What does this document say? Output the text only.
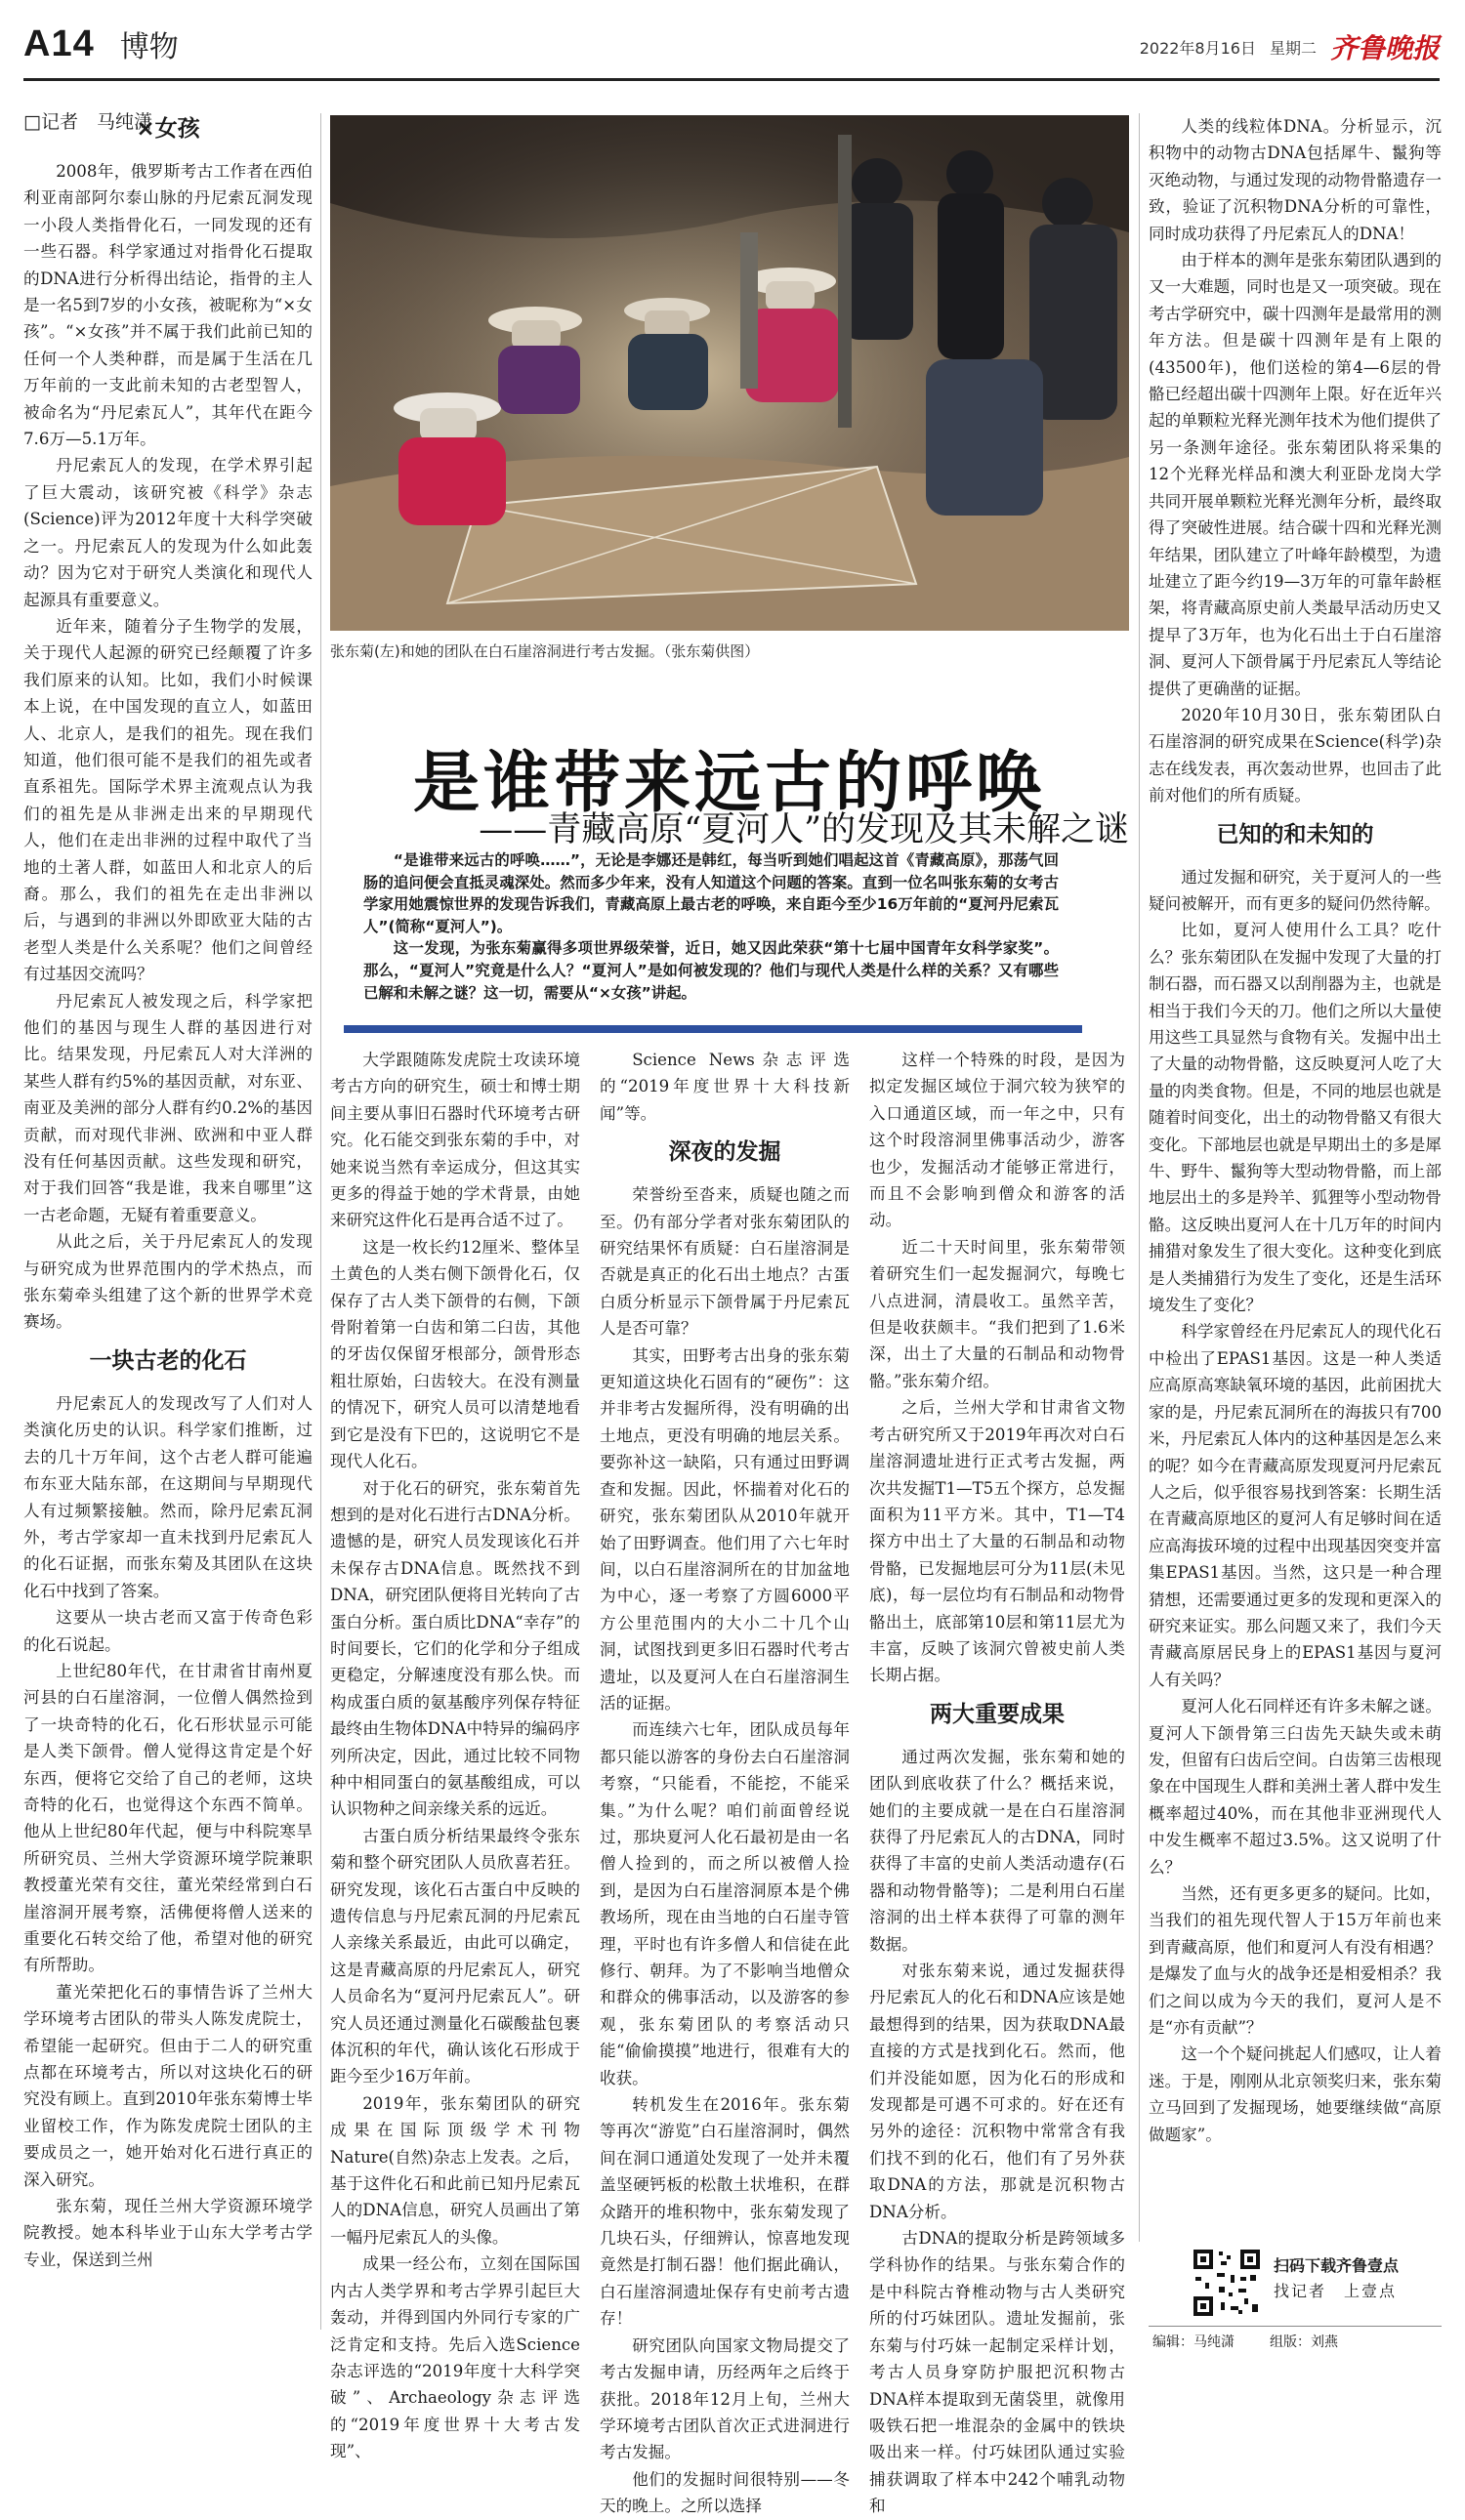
A14 博物	2022年8月16日 星期二 齐鲁晚报
□记者　马纯潇
×女孩

2008年，俄罗斯考古工作者在西伯利亚南部阿尔泰山脉的丹尼索瓦洞发现一小段人类指骨化石，一同发现的还有一些石器。科学家通过对指骨化石提取的DNA进行分析得出结论，指骨的主人是一名5到7岁的小女孩，被昵称为“×女孩”。“×女孩”并不属于我们此前已知的任何一个人类种群，而是属于生活在几万年前的一支此前未知的古老型智人，被命名为“丹尼索瓦人”，其年代在距今7.6万—5.1万年。

丹尼索瓦人的发现，在学术界引起了巨大震动，该研究被《科学》杂志(Science)评为2012年度十大科学突破之一。丹尼索瓦人的发现为什么如此轰动？因为它对于研究人类演化和现代人起源具有重要意义。

近年来，随着分子生物学的发展，关于现代人起源的研究已经颠覆了许多我们原来的认知。比如，我们小时候课本上说，在中国发现的直立人，如蓝田人、北京人，是我们的祖先。现在我们知道，他们很可能不是我们的祖先或者直系祖先。国际学术界主流观点认为我们的祖先是从非洲走出来的早期现代人，他们在走出非洲的过程中取代了当地的土著人群，如蓝田人和北京人的后裔。那么，我们的祖先在走出非洲以后，与遇到的非洲以外即欧亚大陆的古老型人类是什么关系呢？他们之间曾经有过基因交流吗？

丹尼索瓦人被发现之后，科学家把他们的基因与现生人群的基因进行对比。结果发现，丹尼索瓦人对大洋洲的某些人群有约5%的基因贡献，对东亚、南亚及美洲的部分人群有约0.2%的基因贡献，而对现代非洲、欧洲和中亚人群没有任何基因贡献。这些发现和研究，对于我们回答“我是谁，我来自哪里”这一古老命题，无疑有着重要意义。

从此之后，关于丹尼索瓦人的发现与研究成为世界范围内的学术热点，而张东菊牵头组建了这个新的世界学术竞赛场。

一块古老的化石

丹尼索瓦人的发现改写了人们对人类演化历史的认识。科学家们推断，过去的几十万年间，这个古老人群可能遍布东亚大陆东部，在这期间与早期现代人有过频繁接触。然而，除丹尼索瓦洞外，考古学家却一直未找到丹尼索瓦人的化石证据，而张东菊及其团队在这块化石中找到了答案。

这要从一块古老而又富于传奇色彩的化石说起。

上世纪80年代，在甘肃省甘南州夏河县的白石崖溶洞，一位僧人偶然捡到了一块奇特的化石，化石形状显示可能是人类下颌骨。僧人觉得这肯定是个好东西，便将它交给了自己的老师，这块奇特的化石，也觉得这个东西不简单。他从上世纪80年代起，便与中科院寒旱所研究员、兰州大学资源环境学院兼职教授董光荣有交往，董光荣经常到白石崖溶洞开展考察，活佛便将僧人送来的重要化石转交给了他，希望对他的研究有所帮助。

董光荣把化石的事情告诉了兰州大学环境考古团队的带头人陈发虎院士，希望能一起研究。但由于二人的研究重点都在环境考古，所以对这块化石的研究没有顾上。直到2010年张东菊博士毕业留校工作，作为陈发虎院士团队的主要成员之一，她开始对化石进行真正的深入研究。

张东菊，现任兰州大学资源环境学院教授。她本科毕业于山东大学考古学专业，保送到兰州

张东菊(左)和她的团队在白石崖溶洞进行考古发掘。（张东菊供图）
是谁带来远古的呼唤
——青藏高原“夏河人”的发现及其未解之谜

“是谁带来远古的呼唤……”，无论是李娜还是韩红，每当听到她们唱起这首《青藏高原》，那荡气回肠的追问便会直抵灵魂深处。然而多少年来，没有人知道这个问题的答案。直到一位名叫张东菊的女考古学家用她震惊世界的发现告诉我们，青藏高原上最古老的呼唤，来自距今至少16万年前的“夏河丹尼索瓦人”(简称“夏河人”)。

这一发现，为张东菊赢得多项世界级荣誉，近日，她又因此荣获“第十七届中国青年女科学家奖”。那么，“夏河人”究竟是什么人？“夏河人”是如何被发现的？他们与现代人类是什么样的关系？又有哪些已解和未解之谜？这一切，需要从“×女孩”讲起。

大学跟随陈发虎院士攻读环境考古方向的研究生，硕士和博士期间主要从事旧石器时代环境考古研究。化石能交到张东菊的手中，对她来说当然有幸运成分，但这其实更多的得益于她的学术背景，由她来研究这件化石是再合适不过了。

这是一枚长约12厘米、整体呈土黄色的人类右侧下颌骨化石，仅保存了古人类下颌骨的右侧，下颌骨附着第一白齿和第二臼齿，其他的牙齿仅保留牙根部分，颌骨形态粗壮原始，臼齿较大。在没有测量的情况下，研究人员可以清楚地看到它是没有下巴的，这说明它不是现代人化石。

对于化石的研究，张东菊首先想到的是对化石进行古DNA分析。遗憾的是，研究人员发现该化石并未保存古DNA信息。既然找不到DNA，研究团队便将目光转向了古蛋白分析。蛋白质比DNA“幸存”的时间要长，它们的化学和分子组成更稳定，分解速度没有那么快。而构成蛋白质的氨基酸序列保存特征最终由生物体DNA中特异的编码序列所决定，因此，通过比较不同物种中相同蛋白的氨基酸组成，可以认识物种之间亲缘关系的远近。

古蛋白质分析结果最终令张东菊和整个研究团队人员欣喜若狂。研究发现，该化石古蛋白中反映的遗传信息与丹尼索瓦洞的丹尼索瓦人亲缘关系最近，由此可以确定，这是青藏高原的丹尼索瓦人，研究人员命名为“夏河丹尼索瓦人”。研究人员还通过测量化石碳酸盐包裹体沉积的年代，确认该化石形成于距今至少16万年前。

2019年，张东菊团队的研究成果在国际顶级学术刊物Nature(自然)杂志上发表。之后，基于这件化石和此前已知丹尼索瓦人的DNA信息，研究人员画出了第一幅丹尼索瓦人的头像。

成果一经公布，立刻在国际国内古人类学界和考古学界引起巨大轰动，并得到国内外同行专家的广泛肯定和支持。先后入选Science杂志评选的“2019年度十大科学突破”、Archaeology杂志评选的“2019年度世界十大考古发现”、

Science News杂志评选的“2019年度世界十大科技新闻”等。

深夜的发掘

荣誉纷至沓来，质疑也随之而至。仍有部分学者对张东菊团队的研究结果怀有质疑：白石崖溶洞是否就是真正的化石出土地点？古蛋白质分析显示下颌骨属于丹尼索瓦人是否可靠？

其实，田野考古出身的张东菊更知道这块化石固有的“硬伤”：这并非考古发掘所得，没有明确的出土地点，更没有明确的地层关系。要弥补这一缺陷，只有通过田野调查和发掘。因此，怀揣着对化石的研究，张东菊团队从2010年就开始了田野调查。他们用了六七年时间，以白石崖溶洞所在的甘加盆地为中心，逐一考察了方圆6000平方公里范围内的大小二十几个山洞，试图找到更多旧石器时代考古遗址，以及夏河人在白石崖溶洞生活的证据。

而连续六七年，团队成员每年都只能以游客的身份去白石崖溶洞考察，“只能看，不能挖，不能采集。”为什么呢？咱们前面曾经说过，那块夏河人化石最初是由一名僧人捡到的，而之所以被僧人捡到，是因为白石崖溶洞原本是个佛教场所，现在由当地的白石崖寺管理，平时也有许多僧人和信徒在此修行、朝拜。为了不影响当地僧众和群众的佛事活动，以及游客的参观，张东菊团队的考察活动只能“偷偷摸摸”地进行，很难有大的收获。

转机发生在2016年。张东菊等再次“游览”白石崖溶洞时，偶然间在洞口通道处发现了一处并未覆盖坚硬钙板的松散土状堆积，在群众踏开的堆积物中，张东菊发现了几块石头，仔细辨认，惊喜地发现竟然是打制石器！他们据此确认，白石崖溶洞遗址保存有史前考古遗存！

研究团队向国家文物局提交了考古发掘申请，历经两年之后终于获批。2018年12月上旬，兰州大学环境考古团队首次正式进洞进行考古发掘。

他们的发掘时间很特别——冬天的晚上。之所以选择

这样一个特殊的时段，是因为拟定发掘区域位于洞穴较为狭窄的入口通道区域，而一年之中，只有这个时段溶洞里佛事活动少，游客也少，发掘活动才能够正常进行，而且不会影响到僧众和游客的活动。

近二十天时间里，张东菊带领着研究生们一起发掘洞穴，每晚七八点进洞，清晨收工。虽然辛苦，但是收获颇丰。“我们把到了1.6米深，出土了大量的石制品和动物骨骼。”张东菊介绍。

之后，兰州大学和甘肃省文物考古研究所又于2019年再次对白石崖溶洞遗址进行正式考古发掘，两次共发掘T1—T5五个探方，总发掘面积为11平方米。其中，T1—T4探方中出土了大量的石制品和动物骨骼，已发掘地层可分为11层(未见底)，每一层位均有石制品和动物骨骼出土，底部第10层和第11层尤为丰富，反映了该洞穴曾被史前人类长期占据。

两大重要成果

通过两次发掘，张东菊和她的团队到底收获了什么？概括来说，她们的主要成就一是在白石崖溶洞获得了丹尼索瓦人的古DNA，同时获得了丰富的史前人类活动遗存(石器和动物骨骼等)；二是利用白石崖溶洞的出土样本获得了可靠的测年数据。

对张东菊来说，通过发掘获得丹尼索瓦人的化石和DNA应该是她最想得到的结果，因为获取DNA最直接的方式是找到化石。然而，他们并没能如愿，因为化石的形成和发现都是可遇不可求的。好在还有另外的途径：沉积物中常常含有我们找不到的化石，他们有了另外获取DNA的方法，那就是沉积物古DNA分析。

古DNA的提取分析是跨领域多学科协作的结果。与张东菊合作的是中科院古脊椎动物与古人类研究所的付巧妹团队。遗址发掘前，张东菊与付巧妹一起制定采样计划，考古人员身穿防护服把沉积物古DNA样本提取到无菌袋里，就像用吸铁石把一堆混杂的金属中的铁块吸出来一样。付巧妹团队通过实验捕获调取了样本中242个哺乳动物和

人类的线粒体DNA。分析显示，沉积物中的动物古DNA包括犀牛、鬣狗等灭绝动物，与通过发现的动物骨骼遗存一致，验证了沉积物DNA分析的可靠性，同时成功获得了丹尼索瓦人的DNA！

由于样本的测年是张东菊团队遇到的又一大难题，同时也是又一项突破。现在考古学研究中，碳十四测年是最常用的测年方法。但是碳十四测年是有上限的(43500年)，他们送检的第4—6层的骨骼已经超出碳十四测年上限。好在近年兴起的单颗粒光释光测年技术为他们提供了另一条测年途径。张东菊团队将采集的12个光释光样品和澳大利亚卧龙岗大学共同开展单颗粒光释光测年分析，最终取得了突破性进展。结合碳十四和光释光测年结果，团队建立了叶峰年龄模型，为遗址建立了距今约19—3万年的可靠年龄框架，将青藏高原史前人类最早活动历史又提早了3万年，也为化石出土于白石崖溶洞、夏河人下颌骨属于丹尼索瓦人等结论提供了更确凿的证据。

2020年10月30日，张东菊团队白石崖溶洞的研究成果在Science(科学)杂志在线发表，再次轰动世界，也回击了此前对他们的所有质疑。

已知的和未知的

通过发掘和研究，关于夏河人的一些疑问被解开，而有更多的疑问仍然待解。

比如，夏河人使用什么工具？吃什么？张东菊团队在发掘中发现了大量的打制石器，而石器又以刮削器为主，也就是相当于我们今天的刀。他们之所以大量使用这些工具显然与食物有关。发掘中出土了大量的动物骨骼，这反映夏河人吃了大量的肉类食物。但是，不同的地层也就是随着时间变化，出土的动物骨骼又有很大变化。下部地层也就是早期出土的多是犀牛、野牛、鬣狗等大型动物骨骼，而上部地层出土的多是羚羊、狐狸等小型动物骨骼。这反映出夏河人在十几万年的时间内捕猎对象发生了很大变化。这种变化到底是人类捕猎行为发生了变化，还是生活环境发生了变化？

科学家曾经在丹尼索瓦人的现代化石中检出了EPAS1基因。这是一种人类适应高原高寒缺氧环境的基因，此前困扰大家的是，丹尼索瓦洞所在的海拔只有700米，丹尼索瓦人体内的这种基因是怎么来的呢？如今在青藏高原发现夏河丹尼索瓦人之后，似乎很容易找到答案：长期生活在青藏高原地区的夏河人有足够时间在适应高海拔环境的过程中出现基因突变并富集EPAS1基因。当然，这只是一种合理猜想，还需要通过更多的发现和更深入的研究来证实。那么问题又来了，我们今天青藏高原居民身上的EPAS1基因与夏河人有关吗？

夏河人化石同样还有许多未解之谜。夏河人下颌骨第三臼齿先天缺失或未萌发，但留有臼齿后空间。白齿第三齿根现象在中国现生人群和美洲土著人群中发生概率超过40%，而在其他非亚洲现代人中发生概率不超过3.5%。这又说明了什么？

当然，还有更多更多的疑问。比如，当我们的祖先现代智人于15万年前也来到青藏高原，他们和夏河人有没有相遇？是爆发了血与火的战争还是相爱相杀？我们之间以成为今天的我们，夏河人是不是“亦有贡献”？

这一个个疑问挑起人们感叹，让人着迷。于是，刚刚从北京领奖归来，张东菊立马回到了发掘现场，她要继续做“高原做题家”。

扫码下载齐鲁壹点
找记者　上壹点
编辑：马纯潇	组版：刘燕
